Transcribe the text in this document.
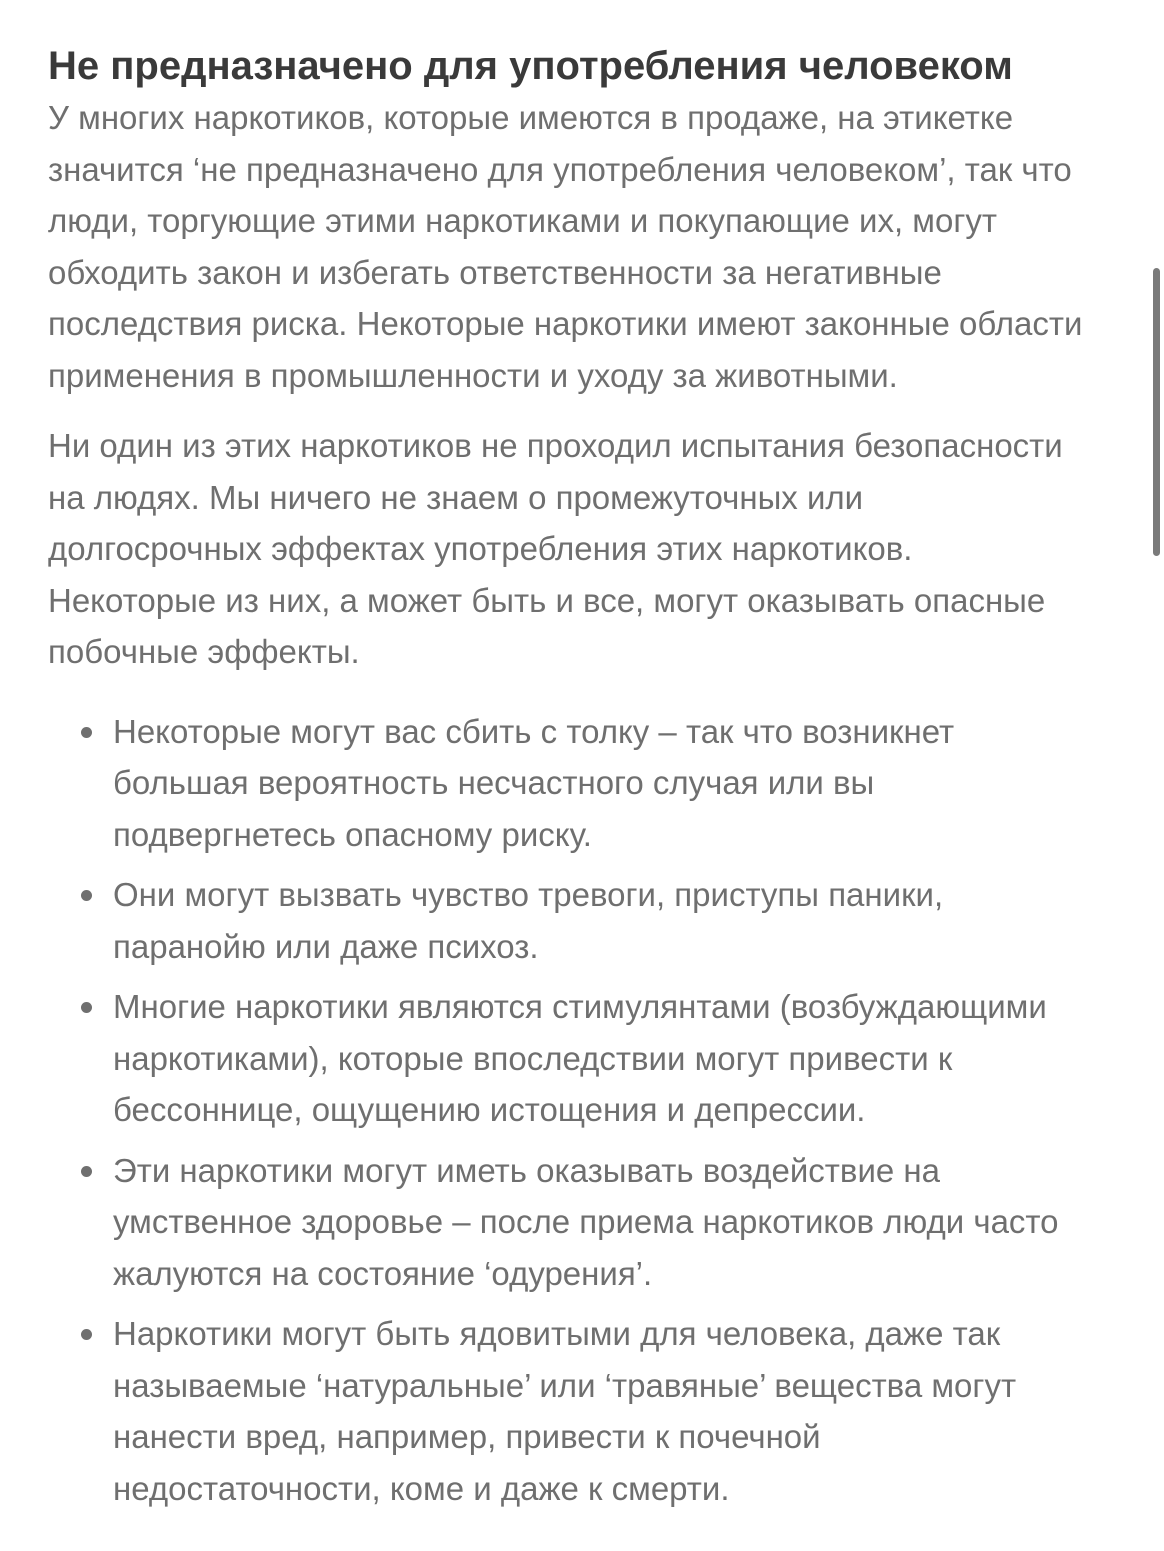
Не предназначено для употребления человеком

У многих наркотиков, которые имеются в продаже, на этикетке
значится ‘не предназначено для употребления человеком’, так что
люди, торгующие этими наркотиками и покупающие их, могут
обходить закон и избегать ответственности за негативные
последствия риска. Некоторые наркотики имеют законные области
применения в промышленности и уходу за животными.

Ни один из этих наркотиков не проходил испытания безопасности
на людях. Мы ничего не знаем о промежуточных или
долгосрочных эффектах употребления этих наркотиков.
Некоторые из них, а может быть и все, могут оказывать опасные
побочные эффекты.

Некоторые могут вас сбить с толку – так что возникнет
большая вероятность несчастного случая или вы
подвергнетесь опасному риску.
Они могут вызвать чувство тревоги, приступы паники,
паранойю или даже психоз.
Многие наркотики являются стимулянтами (возбуждающими
наркотиками), которые впоследствии могут привести к
бессоннице, ощущению истощения и депрессии.
Эти наркотики могут иметь оказывать воздействие на
умственное здоровье – после приема наркотиков люди часто
жалуются на состояние ‘одурения’.
Наркотики могут быть ядовитыми для человека, даже так
называемые ‘натуральные’ или ‘травяные’ вещества могут
нанести вред, например, привести к почечной
недостаточности, коме и даже к смерти.
